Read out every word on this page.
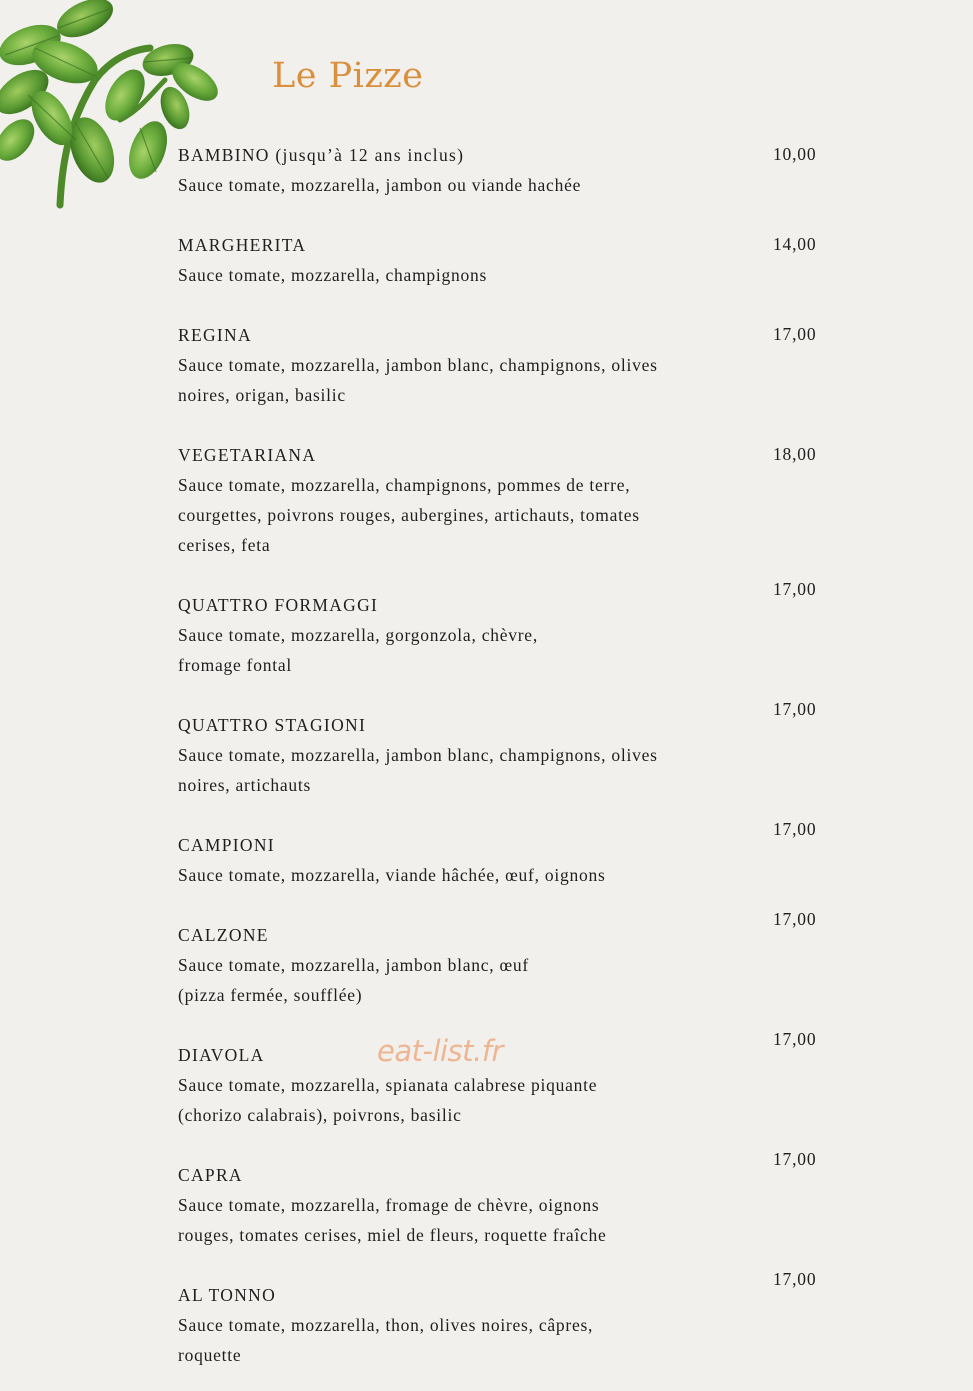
Le Pizze
BAMBINO (jusqu’à 12 ans inclus)
Sauce tomate, mozzarella, jambon ou viande hachée
10,00
MARGHERITA
Sauce tomate, mozzarella, champignons
14,00
REGINA
Sauce tomate, mozzarella, jambon blanc, champignons, olives
noires, origan, basilic
17,00
VEGETARIANA
Sauce tomate, mozzarella, champignons, pommes de terre,
courgettes, poivrons rouges, aubergines, artichauts, tomates
cerises, feta
18,00
QUATTRO FORMAGGI
Sauce tomate, mozzarella, gorgonzola, chèvre,
fromage fontal
17,00
QUATTRO STAGIONI
Sauce tomate, mozzarella, jambon blanc, champignons, olives
noires, artichauts
17,00
CAMPIONI
Sauce tomate, mozzarella, viande hâchée, œuf, oignons
17,00
CALZONE
Sauce tomate, mozzarella, jambon blanc, œuf
(pizza fermée, soufflée)
17,00
DIAVOLA
Sauce tomate, mozzarella, spianata calabrese piquante
(chorizo calabrais), poivrons, basilic
17,00
CAPRA
Sauce tomate, mozzarella, fromage de chèvre, oignons
rouges, tomates cerises, miel de fleurs, roquette fraîche
17,00
AL TONNO
Sauce tomate, mozzarella, thon, olives noires, câpres,
roquette
17,00
eat-list.fr
